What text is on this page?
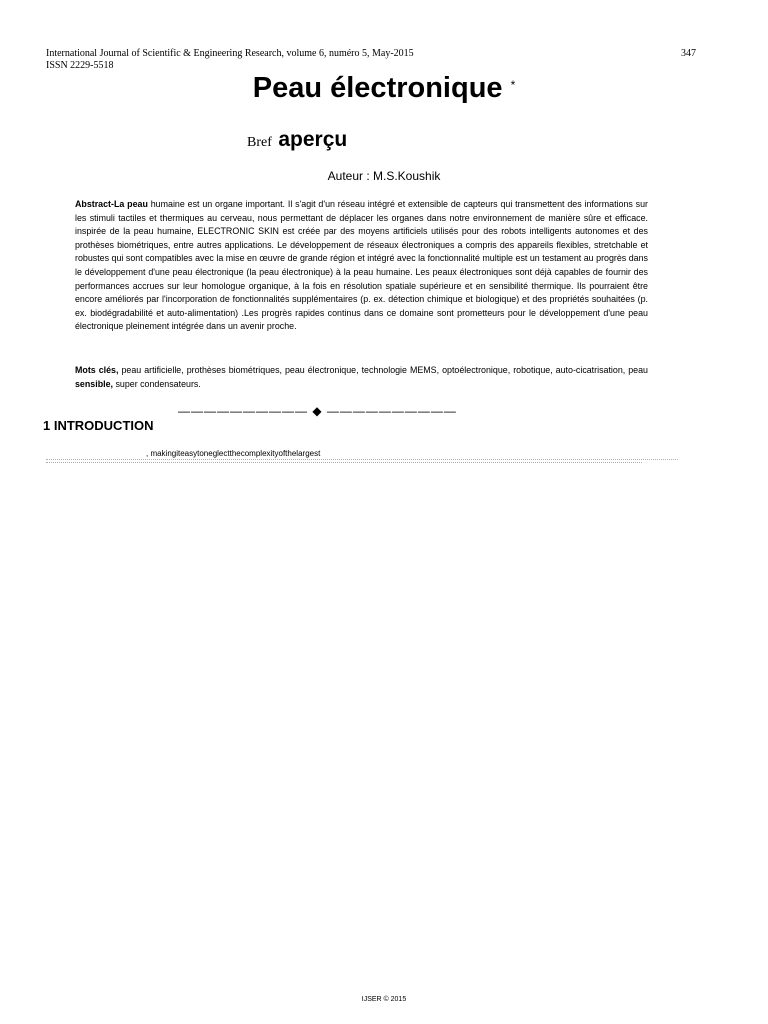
International Journal of Scientific & Engineering Research, volume 6, numéro 5, May-2015
ISSN 2229-5518
347
Peau électronique *
Bref aperçu
Auteur : M.S.Koushik
Abstract-La peau humaine est un organe important. Il s'agit d'un réseau intégré et extensible de capteurs qui transmettent des informations sur les stimuli tactiles et thermiques au cerveau, nous permettant de déplacer les organes dans notre environnement de manière sûre et efficace. inspirée de la peau humaine, ELECTRONIC SKIN est créée par des moyens artificiels utilisés pour des robots intelligents autonomes et des prothèses biométriques, entre autres applications. Le développement de réseaux électroniques a compris des appareils flexibles, stretchable et robustes qui sont compatibles avec la mise en œuvre de grande région et intégré avec la fonctionnalité multiple est un testament au progrès dans le développement d'une peau électronique (la peau électronique) à la peau humaine. Les peaux électroniques sont déjà capables de fournir des performances accrues sur leur homologue organique, à la fois en résolution spatiale supérieure et en sensibilité thermique. Ils pourraient être encore améliorés par l'incorporation de fonctionnalités supplémentaires (p. ex. détection chimique et biologique) et des propriétés souhaitées (p. ex. biodégradabilité et auto-alimentation) .Les progrès rapides continus dans ce domaine sont prometteurs pour le développement d'une peau électronique pleinement intégrée dans un avenir proche.
Mots clés, peau artificielle, prothèses biométriques, peau électronique, technologie MEMS, optoélectronique, robotique, auto-cicatrisation, peau sensible, super condensateurs.
—————————— ◆ ——————————
1 INTRODUCTION
, makingiteasytoneglectthecomplexityofthelargest
IJSER © 2015
